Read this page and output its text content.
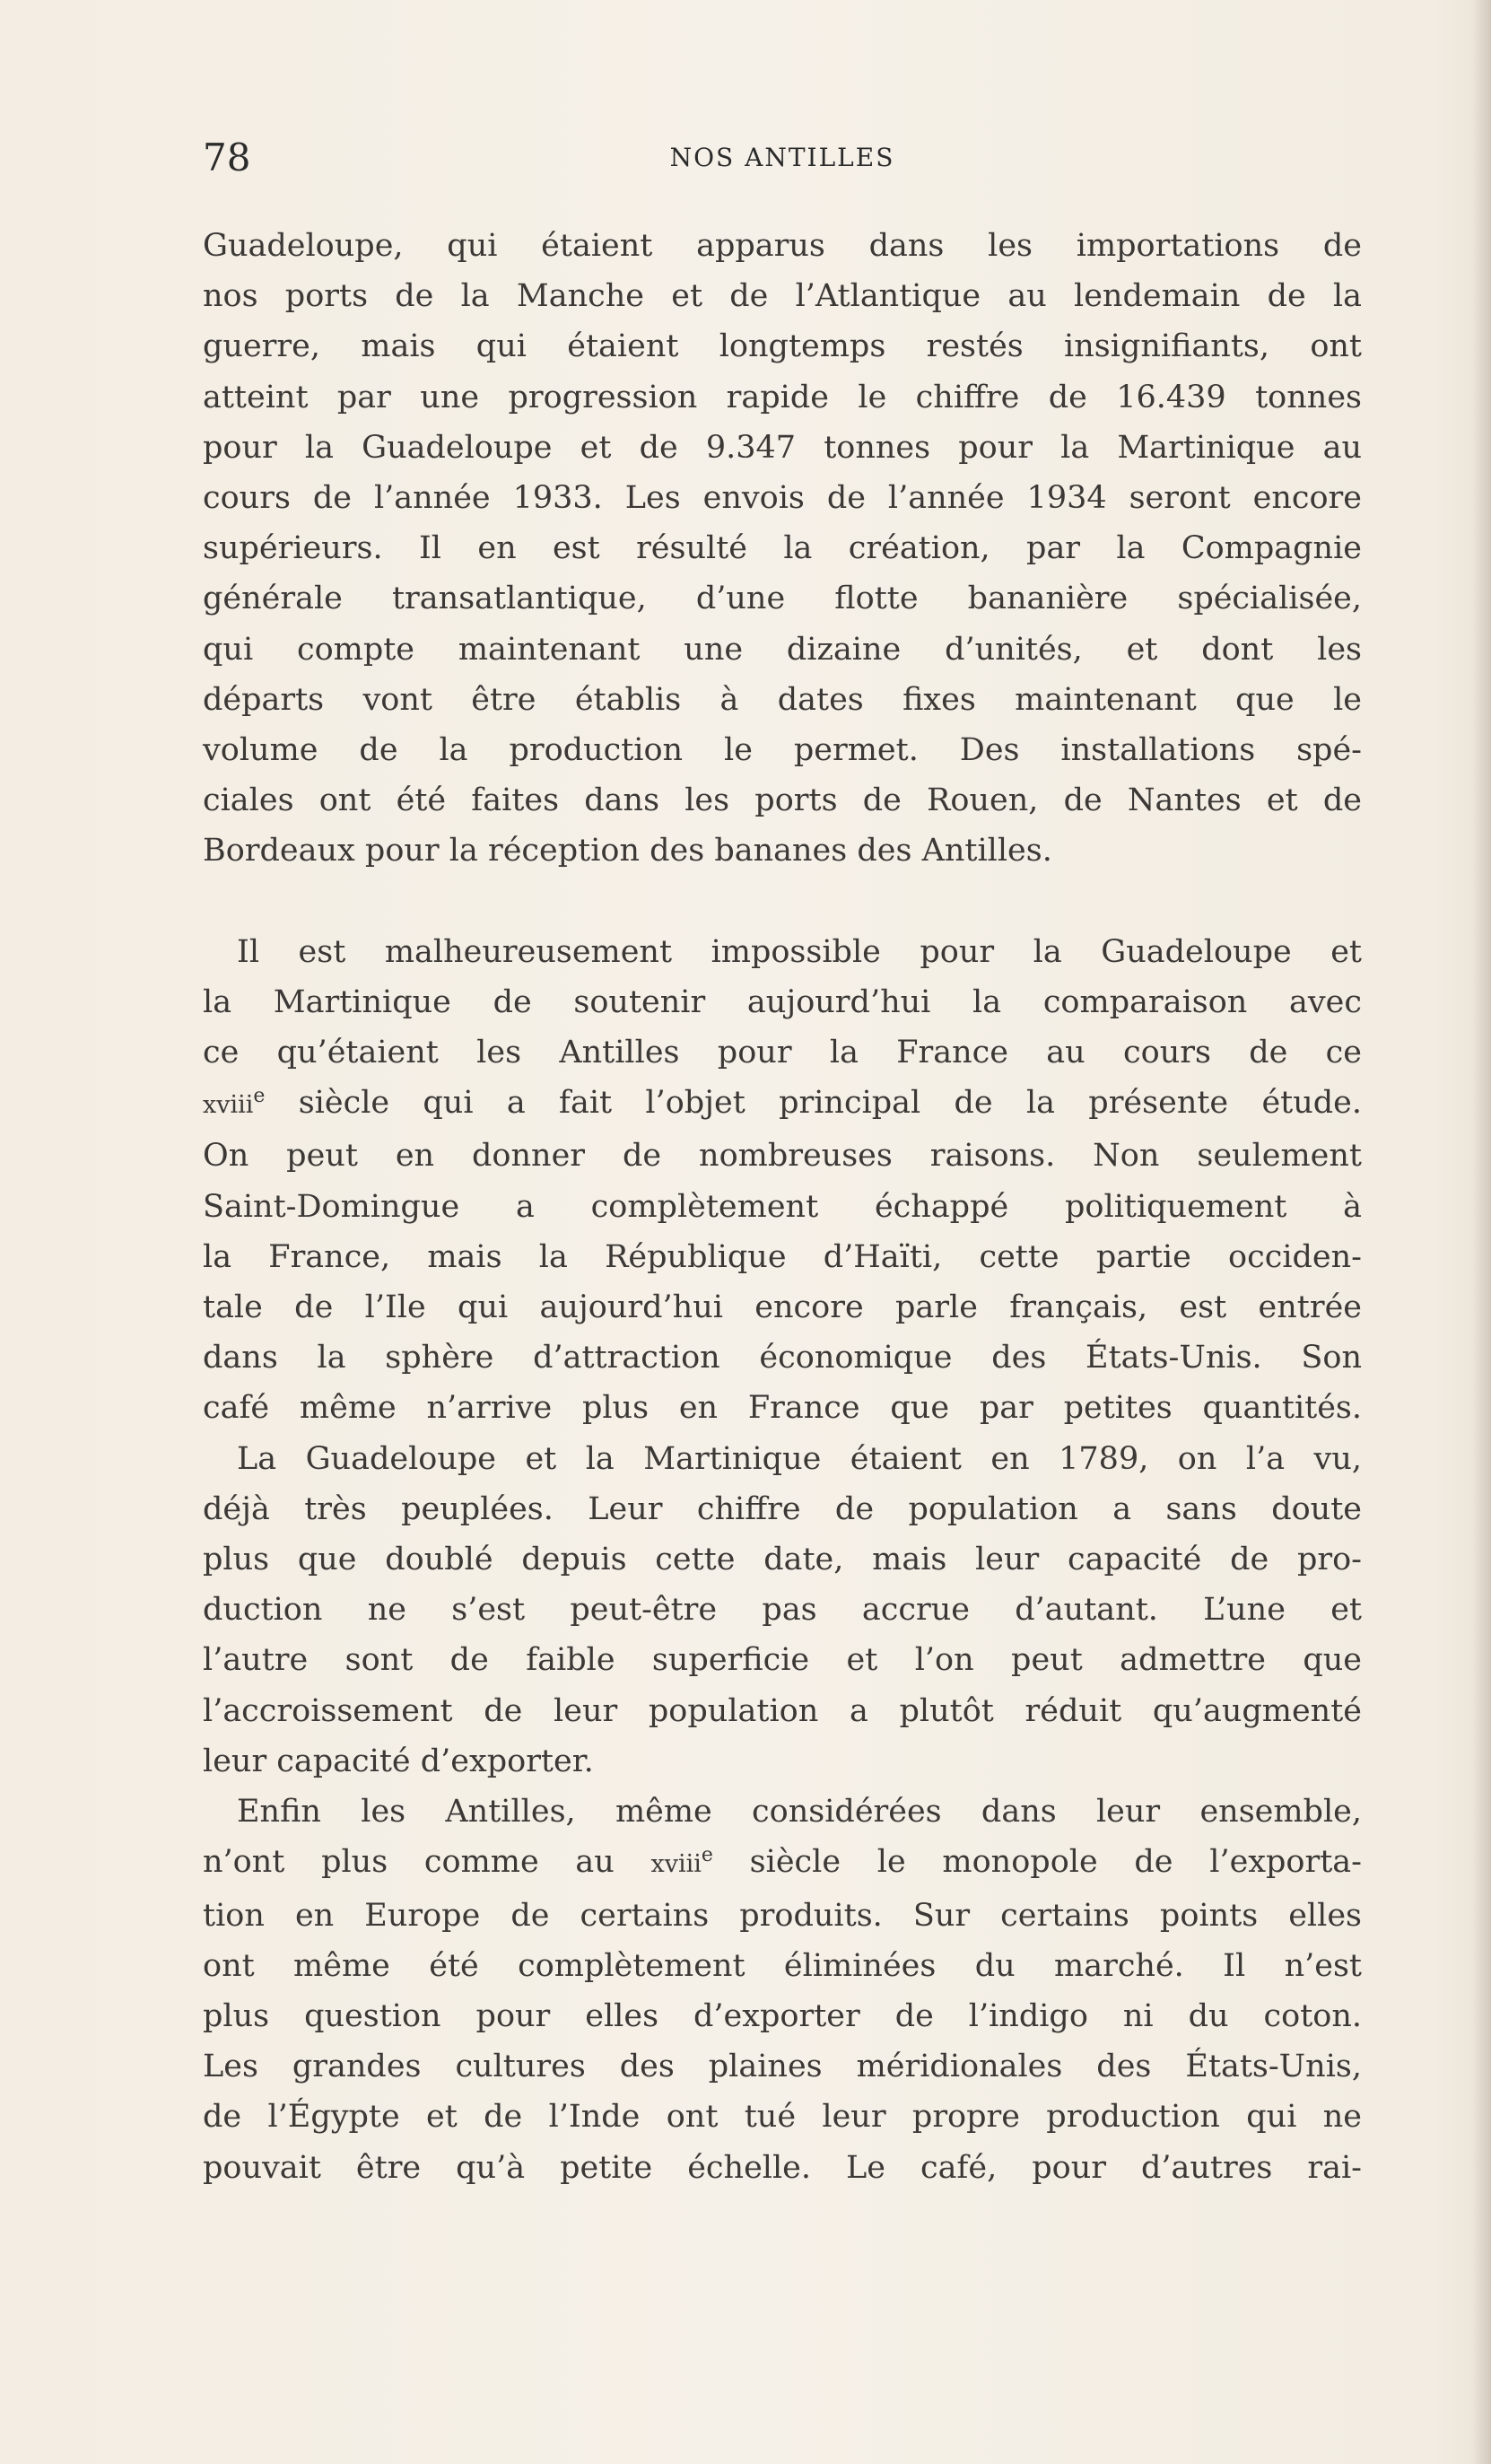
78	NOS ANTILLES

Guadeloupe, qui étaient apparus dans les importations de

nos ports de la Manche et de l’Atlantique au lendemain de la

guerre, mais qui étaient longtemps restés insignifiants, ont

atteint par une progression rapide le chiffre de 16.439 tonnes

pour la Guadeloupe et de 9.347 tonnes pour la Martinique au

cours de l’année 1933. Les envois de l’année 1934 seront encore

supérieurs. Il en est résulté la création, par la Compagnie

générale transatlantique, d’une flotte bananière spécialisée,

qui compte maintenant une dizaine d’unités, et dont les

départs vont être établis à dates fixes maintenant que le

volume de la production le permet. Des installations spé-

ciales ont été faites dans les ports de Rouen, de Nantes et de

Bordeaux pour la réception des bananes des Antilles.

Il est malheureusement impossible pour la Guadeloupe et

la Martinique de soutenir aujourd’hui la comparaison avec

ce qu’étaient les Antilles pour la France au cours de ce

xviii$^e$ siècle qui a fait l’objet principal de la présente étude.

On peut en donner de nombreuses raisons. Non seulement

Saint-Domingue a complètement échappé politiquement à

la France, mais la République d’Haïti, cette partie occiden-

tale de l’Ile qui aujourd’hui encore parle français, est entrée

dans la sphère d’attraction économique des États-Unis. Son

café même n’arrive plus en France que par petites quantités.

La Guadeloupe et la Martinique étaient en 1789, on l’a vu,

déjà très peuplées. Leur chiffre de population a sans doute

plus que doublé depuis cette date, mais leur capacité de pro-

duction ne s’est peut-être pas accrue d’autant. L’une et

l’autre sont de faible superficie et l’on peut admettre que

l’accroissement de leur population a plutôt réduit qu’augmenté

leur capacité d’exporter.

Enfin les Antilles, même considérées dans leur ensemble,

n’ont plus comme au xviii$^e$ siècle le monopole de l’exporta-

tion en Europe de certains produits. Sur certains points elles

ont même été complètement éliminées du marché. Il n’est

plus question pour elles d’exporter de l’indigo ni du coton.

Les grandes cultures des plaines méridionales des États-Unis,

de l’Égypte et de l’Inde ont tué leur propre production qui ne

pouvait être qu’à petite échelle. Le café, pour d’autres rai-
